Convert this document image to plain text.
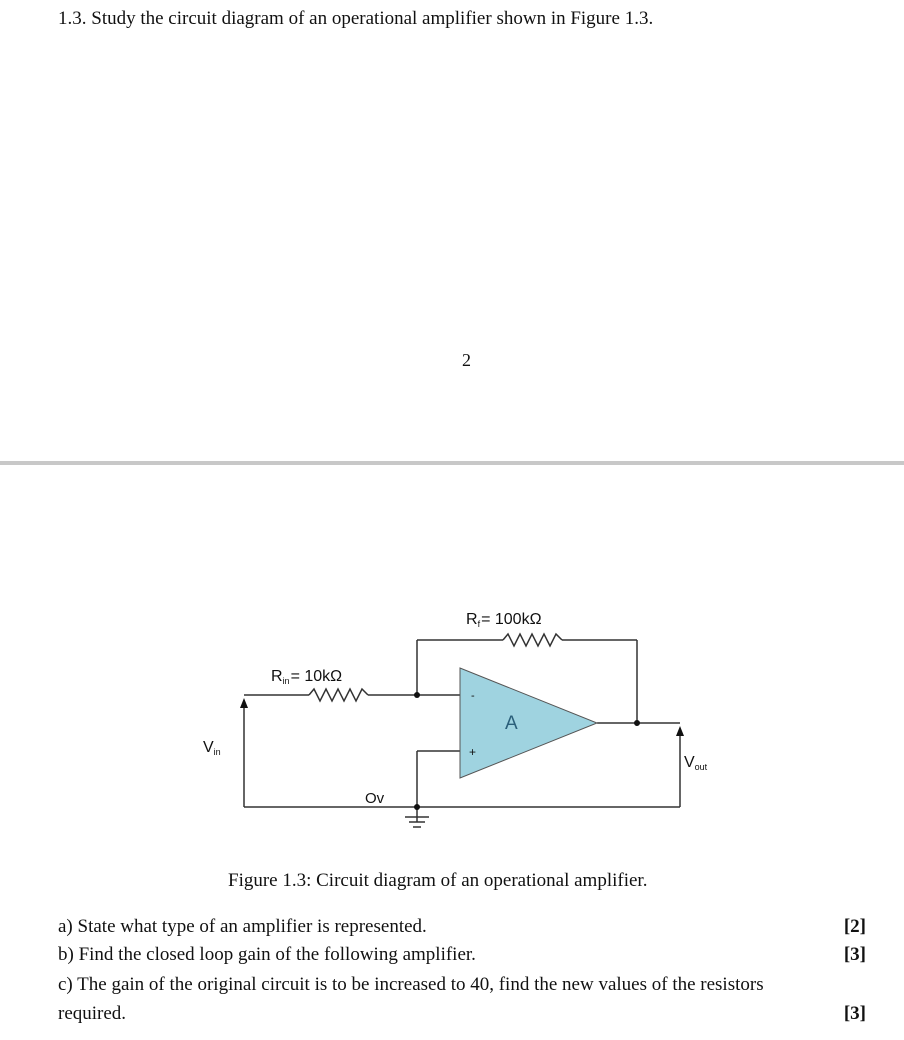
1.3. Study the circuit diagram of an operational amplifier shown in Figure 1.3.
2
Rf= 100kΩ
Rin= 10kΩ
A
-
+
Vin
Vout
Ov
Figure 1.3: Circuit diagram of an operational amplifier.
a) State what type of an amplifier is represented.	[2]
b) Find the closed loop gain of the following amplifier.	[3]
c) The gain of the original circuit is to be increased to 40, find the new values of the resistors
required.	[3]
